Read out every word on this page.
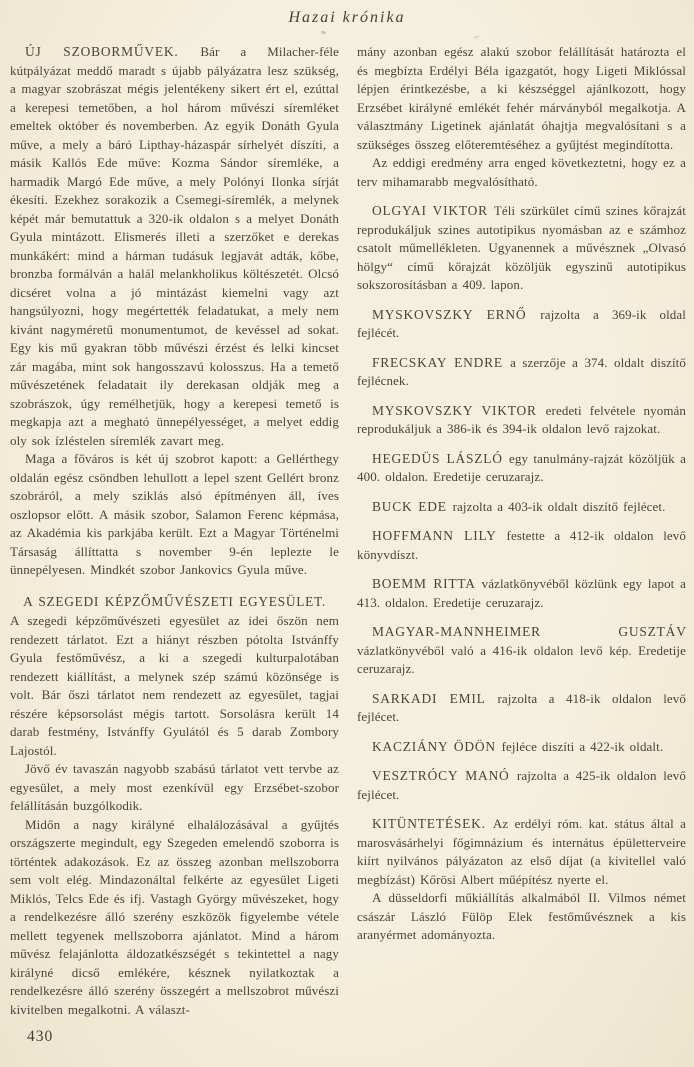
Hazai krónika

ÚJ SZOBORMŰVEK. Bár a Milacher-féle kútpályázat meddő maradt s újabb pályázatra lesz szükség, a magyar szobrászat mégis jelentékeny sikert ért el, ezúttal a kerepesi temetőben, a hol három művészi síremléket emeltek október és novemberben. Az egyik Donáth Gyula műve, a mely a báró Lipthay-házaspár sírhelyét díszíti, a másik Kallós Ede műve: Kozma Sándor síremléke, a harmadik Margó Ede műve, a mely Polónyi Ilonka sírját ékesíti. Ezekhez sorakozik a Csemegi-síremlék, a melynek képét már bemutattuk a 320-ik oldalon s a melyet Donáth Gyula mintázott. Elismerés illeti a szerzőket e derekas munkákért: mind a hárman tudásuk legjavát adták, kőbe, bronzba formálván a halál melankholikus költészetét. Olcsó dicséret volna a jó mintázást kiemelni vagy azt hangsúlyozni, hogy megértették feladatukat, a mely nem kivánt nagyméretű monumentumot, de kevéssel ad sokat. Egy kis mű gyakran több művészi érzést és lelki kincset zár magába, mint sok hangosszavú kolosszus. Ha a temető művészetének feladatait ily derekasan oldják meg a szobrászok, úgy remélhetjük, hogy a kerepesi temető is megkapja azt a megható ünnepélyességet, a melyet eddig oly sok ízléstelen síremlék zavart meg.

Maga a főváros is két új szobrot kapott: a Gellérthegy oldalán egész csöndben lehullott a lepel szent Gellért bronz szobráról, a mely sziklás alsó építményen áll, íves oszlopsor előtt. A másik szobor, Salamon Ferenc képmása, az Akadémia kis parkjába került. Ezt a Magyar Történelmi Társaság állíttatta s november 9-én leplezte le ünnepélyesen. Mindkét szobor Jankovics Gyula műve.

A SZEGEDI KÉPZŐMŰVÉSZETI EGYESÜLET.

A szegedi képzőművészeti egyesület az idei őszön nem rendezett tárlatot. Ezt a hiányt részben pótolta Istvánffy Gyula festőművész, a ki a szegedi kulturpalotában rendezett kiállítást, a melynek szép számú közönsége is volt. Bár őszi tárlatot nem rendezett az egyesület, tagjai részére képsorsolást mégis tartott. Sorsolásra került 14 darab festmény, Istvánffy Gyulától és 5 darab Zombory Lajostól.

Jövő év tavaszán nagyobb szabású tárlatot vett tervbe az egyesület, a mely most ezenkívül egy Erzsébet-szobor felállításán buzgólkodik.

Midőn a nagy királyné elhalálozásával a gyűjtés országszerte megindult, egy Szegeden emelendő szoborra is történtek adakozások. Ez az összeg azonban mellszoborra sem volt elég. Mindazonáltal felkérte az egyesület Ligeti Miklós, Telcs Ede és ifj. Vastagh György művészeket, hogy a rendelkezésre álló szerény eszközök figyelembe vétele mellett tegyenek mellszoborra ajánlatot. Mind a három művész felajánlotta áldozatkészségét s tekintettel a nagy királyné dicső emlékére, késznek nyilatkoztak a rendelkezésre álló szerény összegért a mellszobrot művészi kivitelben megalkotni. A választ-

mány azonban egész alakú szobor felállítását határozta el és megbízta Erdélyi Béla igazgatót, hogy Ligeti Miklóssal lépjen érintkezésbe, a ki készséggel ajánlkozott, hogy Erzsébet királyné emlékét fehér márványból megalkotja. A választmány Ligetinek ajánlatát óhajtja megvalósítani s a szükséges összeg előteremtéséhez a gyűjtést megindította.

Az eddigi eredmény arra enged következtetni, hogy ez a terv mihamarabb megvalósítható.

OLGYAI VIKTOR Téli szürkület című szines kőrajzát reprodukáljuk szines autotipikus nyomásban az e számhoz csatolt műmellékleten. Ugyanennek a művésznek „Olvasó hölgy“ című kőrajzát közöljük egyszinű autotipikus sokszorosításban a 409. lapon.

MYSKOVSZKY ERNŐ rajzolta a 369-ik oldal fejlécét.

FRECSKAY ENDRE a szerzője a 374. oldalt diszítő fejlécnek.

MYSKOVSZKY VIKTOR eredeti felvétele nyomán reprodukáljuk a 386-ik és 394-ik oldalon levő rajzokat.

HEGEDÜS LÁSZLÓ egy tanulmány-rajzát közöljük a 400. oldalon. Eredetije ceruzarajz.

BUCK EDE rajzolta a 403-ik oldalt diszítő fejlécet.

HOFFMANN LILY festette a 412-ik oldalon levő könyvdíszt.

BOEMM RITTA vázlatkönyvéből közlünk egy lapot a 413. oldalon. Eredetije ceruzarajz.

MAGYAR-MANNHEIMER GUSZTÁV vázlatkönyvéből való a 416-ik oldalon levő kép. Eredetije ceruzarajz.

SARKADI EMIL rajzolta a 418-ik oldalon levő fejlécet.

KACZIÁNY ÖDÖN fejléce diszíti a 422-ik oldalt.

VESZTRÓCY MANÓ rajzolta a 425-ik oldalon levő fejlécet.

KITÜNTETÉSEK. Az erdélyi róm. kat. státus által a marosvásárhelyi főgimnázium és internátus épületterveire kiírt nyilvános pályázaton az első díjat (a kivitellel való megbízást) Kőrösi Albert műépítész nyerte el.

A düsseldorfi műkiállítás alkalmából II. Vilmos német császár László Fülöp Elek festőművésznek a kis aranyérmet adományozta.

430
